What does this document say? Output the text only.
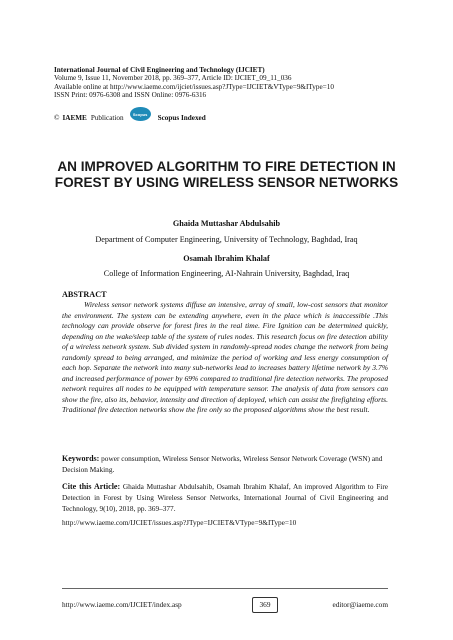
International Journal of Civil Engineering and Technology (IJCIET)
Volume 9, Issue 11, November 2018, pp. 369–377, Article ID: IJCIET_09_11_036
Available online at http://www.iaeme.com/ijciet/issues.asp?JType=IJCIET&VType=9&IType=10
ISSN Print: 0976-6308 and ISSN Online: 0976-6316
© IAEME Publication Scopus Scopus Indexed
AN IMPROVED ALGORITHM TO FIRE DETECTION IN FOREST BY USING WIRELESS SENSOR NETWORKS
Ghaida Muttashar Abdulsahib
Department of Computer Engineering, University of Technology, Baghdad, Iraq
Osamah Ibrahim Khalaf
College of Information Engineering, AI-Nahrain University, Baghdad, Iraq
ABSTRACT
Wireless sensor network systems diffuse an intensive, array of small, low-cost sensors that monitor the environment. The system can be extending anywhere, even in the place which is inaccessible .This technology can provide observe for forest fires in the real time. Fire Ignition can be determined quickly, depending on the wake/sleep table of the system of rules nodes. This research focus on fire detection ability of a wireless network system. Sub divided system in randomly-spread nodes change the network from being randomly spread to being arranged, and minimize the period of working and less energy consumption of each hop. Separate the network into many sub-networks lead to increases battery lifetime network by 3.7% and increased performance of power by 69% compared to traditional fire detection networks. The proposed network requires all nodes to be equipped with temperature sensor. The analysis of data from sensors can show the fire, also its, behavior, intensity and direction of deployed, which can assist the firefighting efforts. Traditional fire detection networks show the fire only so the proposed algorithms show the best result.
Keywords: power consumption, Wireless Sensor Networks, Wireless Sensor Network Coverage (WSN) and Decision Making.
Cite this Article: Ghaida Muttashar Abdulsahib, Osamah Ibrahim Khalaf, An improved Algorithm to Fire Detection in Forest by Using Wireless Sensor Networks, International Journal of Civil Engineering and Technology, 9(10), 2018, pp. 369–377.
http://www.iaeme.com/IJCIET/issues.asp?JType=IJCIET&VType=9&IType=10
http://www.iaeme.com/IJCIET/index.asp	369	editor@iaeme.com
